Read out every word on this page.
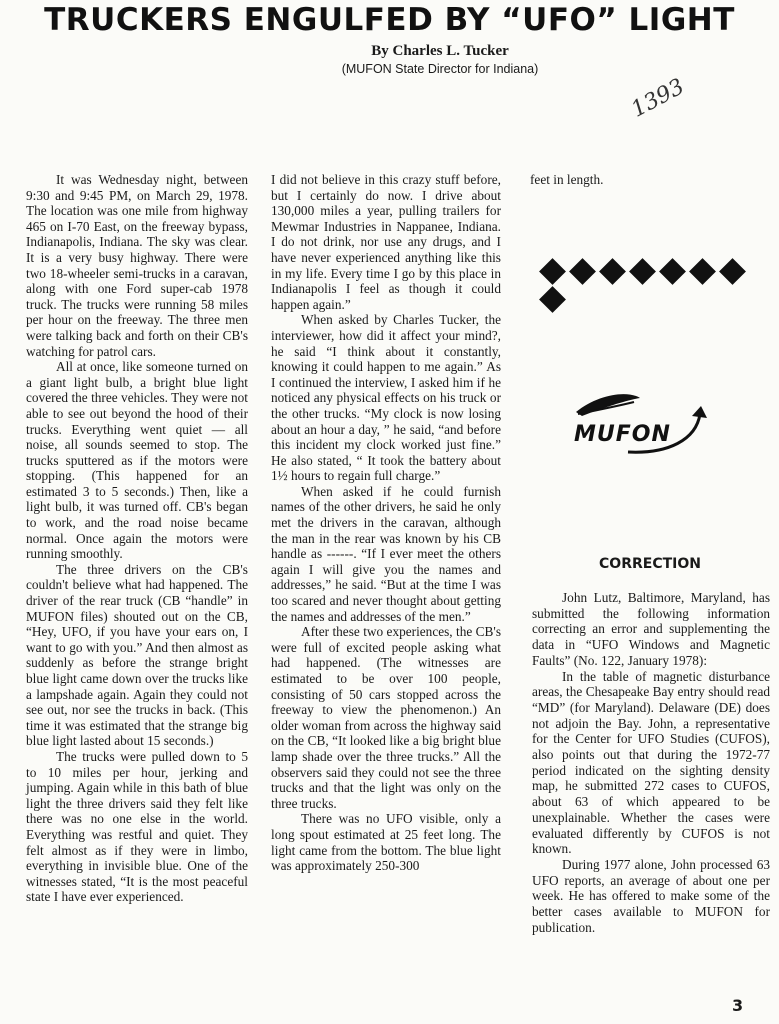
TRUCKERS ENGULFED BY “UFO” LIGHT
By Charles L. Tucker
(MUFON State Director for Indiana)
1393

It was Wednesday night, between 9:30 and 9:45 PM, on March 29, 1978. The location was one mile from highway 465 on I-70 East, on the freeway bypass, Indianapolis, Indiana. The sky was clear. It is a very busy highway. There were two 18-wheeler semi-trucks in a caravan, along with one Ford super-cab 1978 truck. The trucks were running 58 miles per hour on the freeway. The three men were talking back and forth on their CB's watching for patrol cars.

All at once, like someone turned on a giant light bulb, a bright blue light covered the three vehicles. They were not able to see out beyond the hood of their trucks. Everything went quiet — all noise, all sounds seemed to stop. The trucks sputtered as if the motors were stopping. (This happened for an estimated 3 to 5 seconds.) Then, like a light bulb, it was turned off. CB's began to work, and the road noise became normal. Once again the motors were running smoothly.

The three drivers on the CB's couldn't believe what had happened. The driver of the rear truck (CB “handle” in MUFON files) shouted out on the CB, “Hey, UFO, if you have your ears on, I want to go with you.” And then almost as suddenly as before the strange bright blue light came down over the trucks like a lampshade again. Again they could not see out, nor see the trucks in back. (This time it was estimated that the strange big blue light lasted about 15 seconds.)

The trucks were pulled down to 5 to 10 miles per hour, jerking and jumping. Again while in this bath of blue light the three drivers said they felt like there was no one else in the world. Everything was restful and quiet. They felt almost as if they were in limbo, everything in invisible blue. One of the witnesses stated, “It is the most peaceful state I have ever experienced.

I did not believe in this crazy stuff before, but I certainly do now. I drive about 130,000 miles a year, pulling trailers for Mewmar Industries in Nappanee, Indiana. I do not drink, nor use any drugs, and I have never experienced anything like this in my life. Every time I go by this place in Indianapolis I feel as though it could happen again.”

When asked by Charles Tucker, the interviewer, how did it affect your mind?, he said “I think about it constantly, knowing it could happen to me again.” As I continued the interview, I asked him if he noticed any physical effects on his truck or the other trucks. “My clock is now losing about an hour a day, ” he said, “and before this incident my clock worked just fine.” He also stated, “ It took the battery about 1½ hours to regain full charge.”

When asked if he could furnish names of the other drivers, he said he only met the drivers in the caravan, although the man in the rear was known by his CB handle as ------. “If I ever meet the others again I will give you the names and addresses,” he said. “But at the time I was too scared and never thought about getting the names and addresses of the men.”

After these two experiences, the CB's were full of excited people asking what had happened. (The witnesses are estimated to be over 100 people, consisting of 50 cars stopped across the freeway to view the phenomenon.) An older woman from across the highway said on the CB, “It looked like a big bright blue lamp shade over the three trucks.” All the observers said they could not see the three trucks and that the light was only on the three trucks.

There was no UFO visible, only a long spout estimated at 25 feet long. The light came from the bottom. The blue light was approximately 250-300

feet in length.

MUFON
CORRECTION

John Lutz, Baltimore, Maryland, has submitted the following information correcting an error and supplementing the data in “UFO Windows and Magnetic Faults” (No. 122, January 1978):

In the table of magnetic disturbance areas, the Chesapeake Bay entry should read “MD” (for Maryland). Delaware (DE) does not adjoin the Bay. John, a representative for the Center for UFO Studies (CUFOS), also points out that during the 1972-77 period indicated on the sighting density map, he submitted 272 cases to CUFOS, about 63 of which appeared to be unexplainable. Whether the cases were evaluated differently by CUFOS is not known.

During 1977 alone, John processed 63 UFO reports, an average of about one per week. He has offered to make some of the better cases available to MUFON for publication.

3
